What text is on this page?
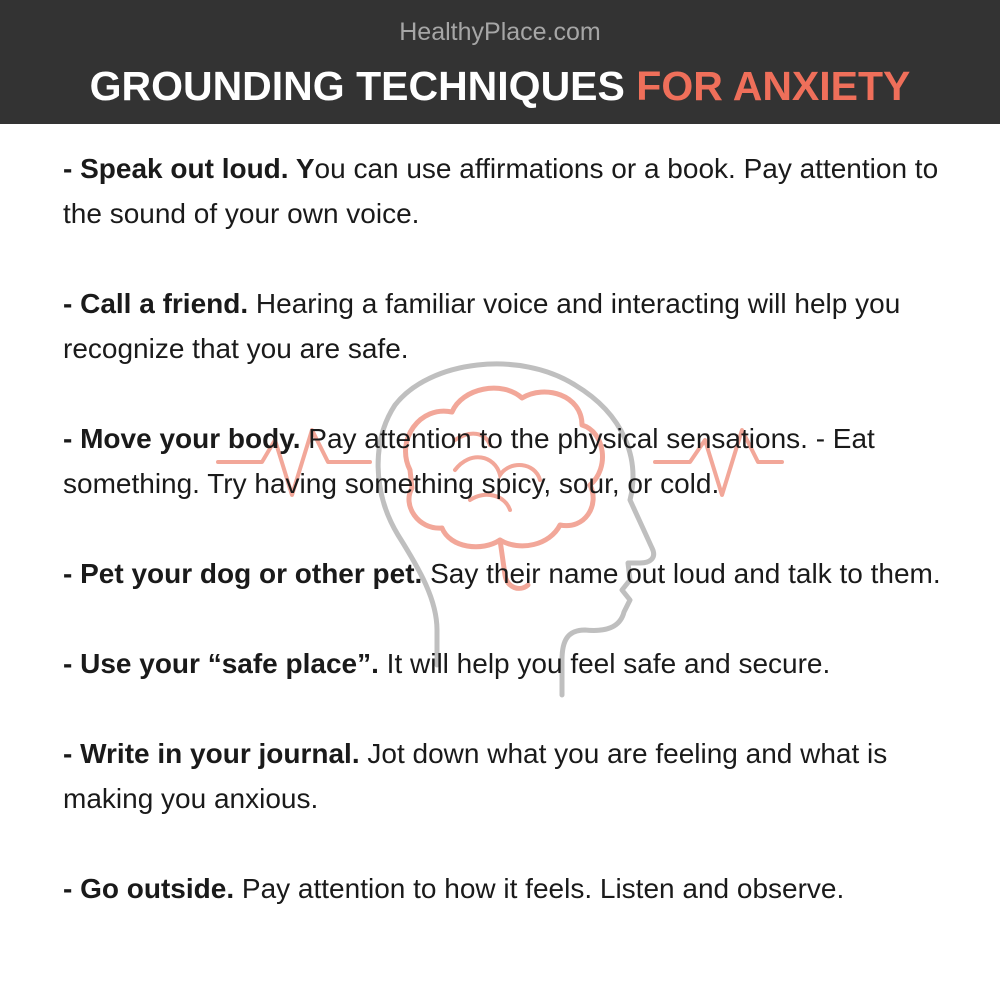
HealthyPlace.com
GROUNDING TECHNIQUES FOR ANXIETY

- Speak out loud. You can use affirmations or a book. Pay attention to the sound of your own voice.

- Call a friend. Hearing a familiar voice and interacting will help you recognize that you are safe.

- Move your body. Pay attention to the physical sensations. - Eat something. Try having something spicy, sour, or cold.

- Pet your dog or other pet. Say their name out loud and talk to them.

- Use your “safe place”. It will help you feel safe and secure.

- Write in your journal. Jot down what you are feeling and what is making you anxious.

- Go outside. Pay attention to how it feels. Listen and observe.
